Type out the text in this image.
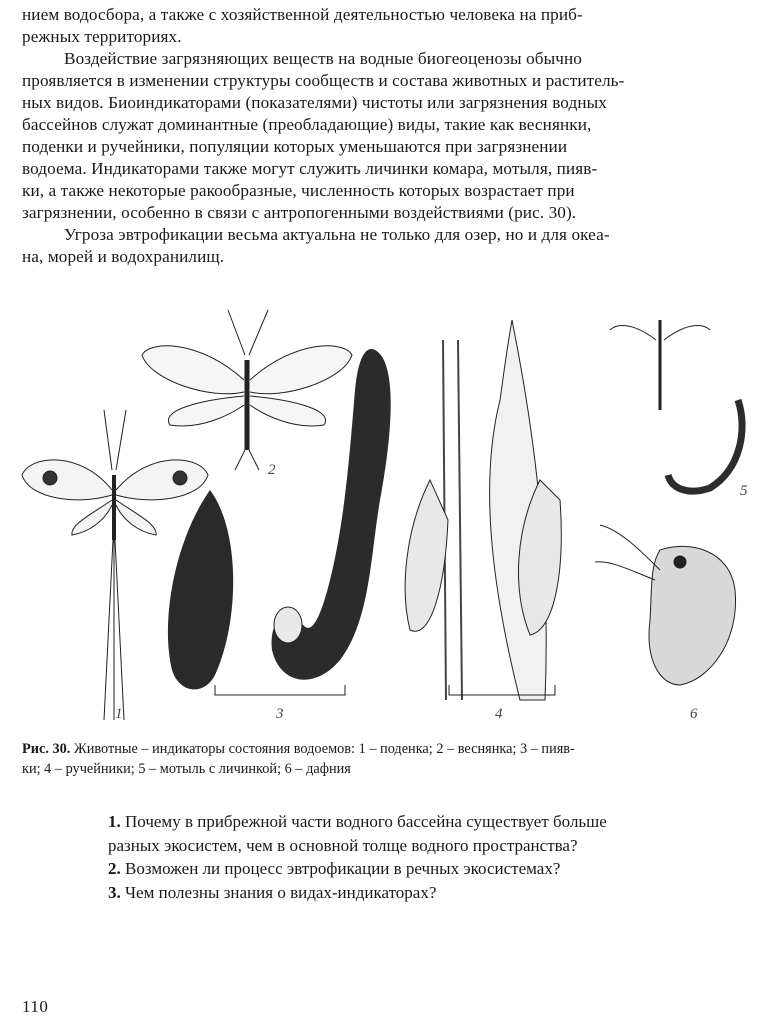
нием водосбора, а также с хозяйственной деятельностью человека на приб-
режных территориях.
Воздействие загрязняющих веществ на водные биогеоценозы обычно
проявляется в изменении структуры сообществ и состава животных и раститель-
ных видов. Биоиндикаторами (показателями) чистоты или загрязнения водных
бассейнов служат доминантные (преобладающие) виды, такие как веснянки,
поденки и ручейники, популяции которых уменьшаются при загрязнении
водоема. Индикаторами также могут служить личинки комара, мотыля, пияв-
ки, а также некоторые ракообразные, численность которых возрастает при
загрязнении, особенно в связи с антропогенными воздействиями (рис. 30).
Угроза эвтрофикации весьма актуальна не только для озер, но и для океа-
на, морей и водохранилищ.
1
2
3	4
5
6
Рис. 30. Животные – индикаторы состояния водоемов: 1 – поденка; 2 – веснянка; 3 – пияв-
ки; 4 – ручейники; 5 – мотыль с личинкой; 6 – дафния
1. Почему в прибрежной части водного бассейна существует больше
разных экосистем, чем в основной толще водного пространства?
2. Возможен ли процесс эвтрофикации в речных экосистемах?
3. Чем полезны знания о видах-индикаторах?
110
